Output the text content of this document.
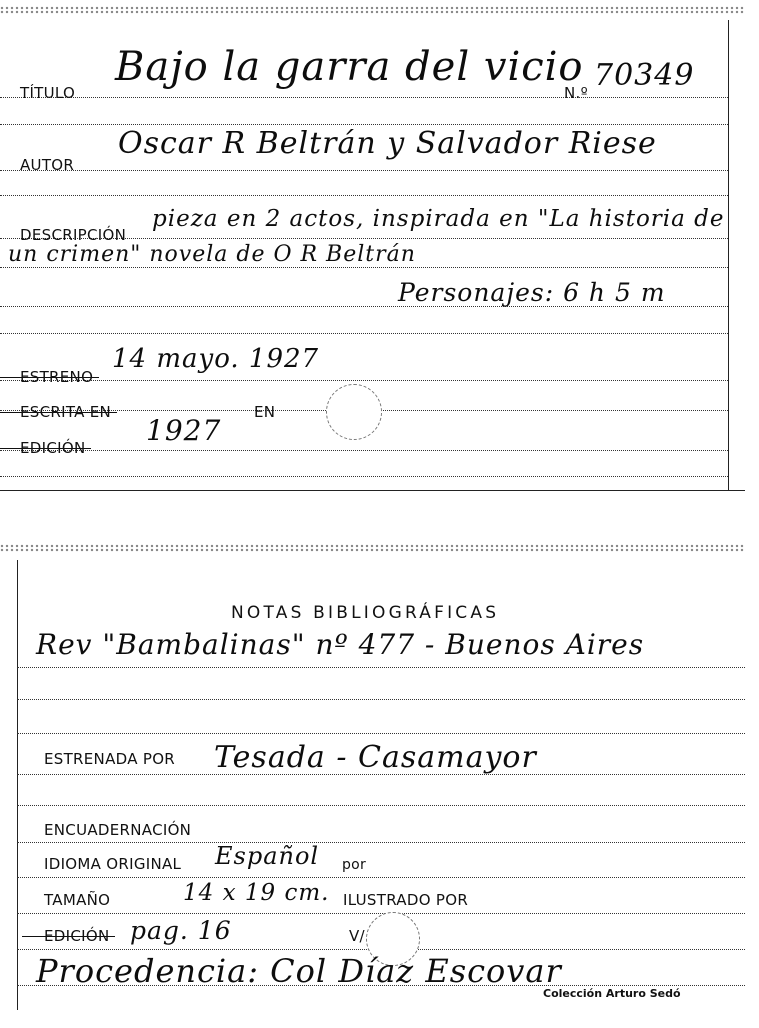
TÍTULO
Bajo la garra del vicio
N.º 70349
AUTOR
Oscar R Beltrán y Salvador Riese
DESCRIPCIÓN
pieza en 2 actos, inspirada en "La historia de
un crimen" novela de O R Beltrán
Personajes: 6 h 5 m
ESTRENO
14 mayo. 1927
ESCRITA EN	EN
EDICIÓN
1927
NOTAS BIBLIOGRÁFICAS
Rev "Bambalinas" nº 477 - Buenos Aires
ESTRENADA POR Tesada - Casamayor
ENCUADERNACIÓN
IDIOMA ORIGINAL Español por
TAMAÑO	14 x 19 cm. ILUSTRADO POR
EDICIÓN pag. 16	V/
Procedencia: Col Díaz Escovar
Colección Arturo Sedó
